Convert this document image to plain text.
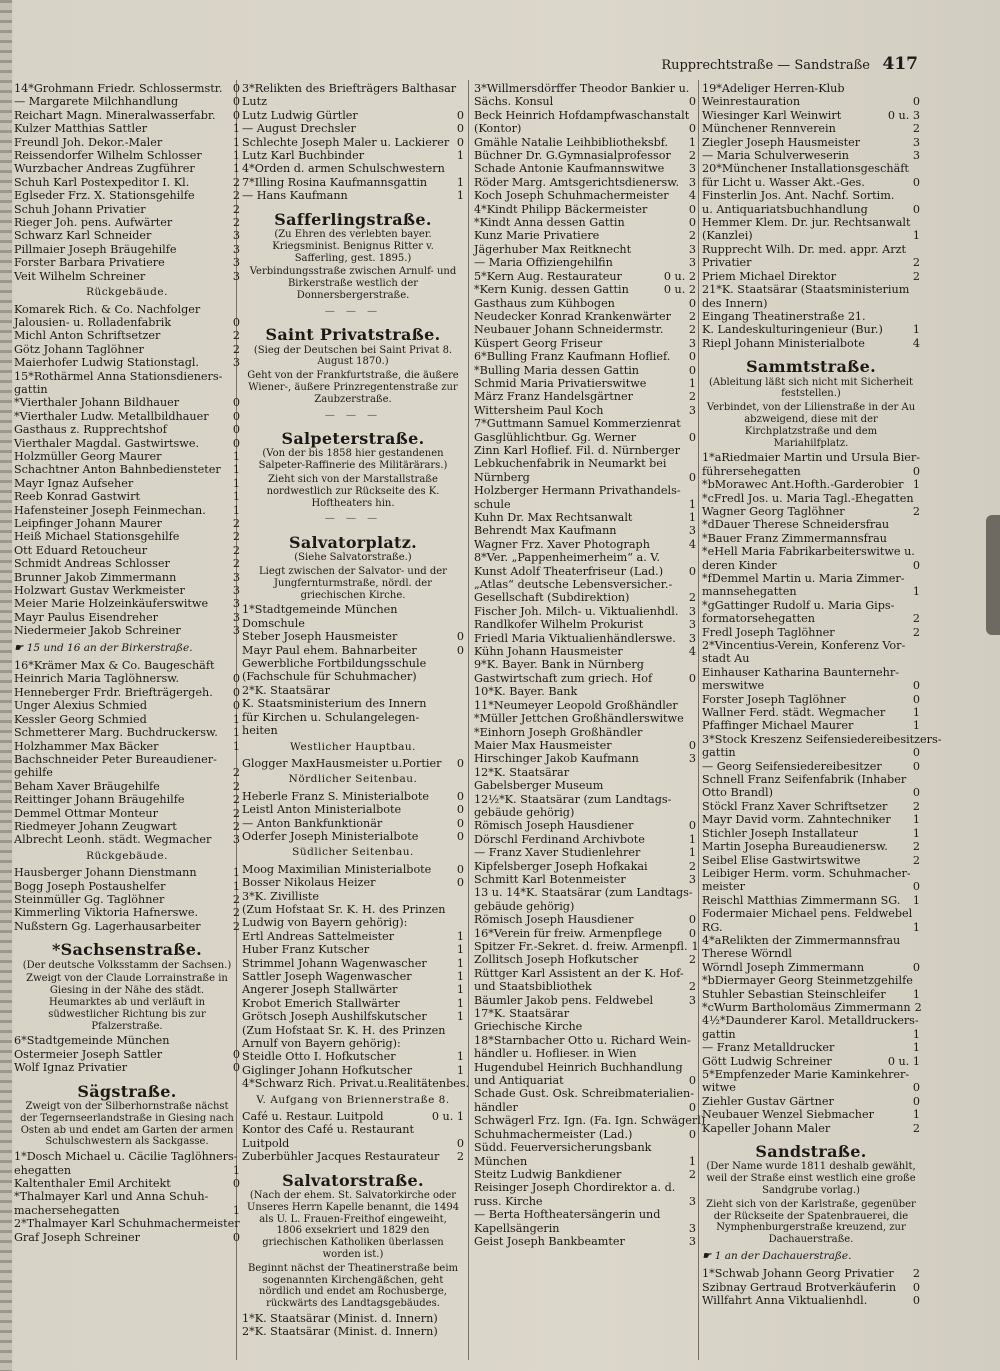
Rupprechtstraße — Sandstraße 417
14*Grohmann Friedr. Schlossermstr. 0
— Margarete Milchhandlung	0
Reichart Magn. Mineralwasserfabr.	0
Kulzer Matthias Sattler	1
Freundl Joh. Dekor.-Maler	1
Reissendorfer Wilhelm Schlosser	1
Wurzbacher Andreas Zugführer	1
Schuh Karl Postexpeditor I. Kl.	2
Eglseder Frz. X. Stationsgehilfe	2
Schuh Johann Privatier	2
Rieger Joh. pens. Aufwärter	2
Schwarz Karl Schneider	3
Pillmaier Joseph Bräugehilfe	3
Forster Barbara Privatiere	3
Veit Wilhelm Schreiner	3
Rückgebäude.
Komarek Rich. & Co. Nachfolger
Jalousien- u. Rolladenfabrik	0
Michl Anton Schriftsetzer	2
Götz Johann Taglöhner	2
Maierhofer Ludwig Stationstagl.	3
15*Rothärmel Anna Stationsdieners-
gattin
*Vierthaler Johann Bildhauer	0
*Vierthaler Ludw. Metallbildhauer	0
Gasthaus z. Rupprechtshof	0
Vierthaler Magdal. Gastwirtswe.	0
Holzmüller Georg Maurer	1
Schachtner Anton Bahnbediensteter	1
Mayr Ignaz Aufseher	1
Reeb Konrad Gastwirt	1
Hafensteiner Joseph Feinmechan.	1
Leipfinger Johann Maurer	2
Heiß Michael Stationsgehilfe	2
Ott Eduard Retoucheur	2
Schmidt Andreas Schlosser	2
Brunner Jakob Zimmermann	3
Holzwart Gustav Werkmeister	3
Meier Marie Holzeinkäuferswitwe	3
Mayr Paulus Eisendreher	3
Niedermeier Jakob Schreiner	3
☛ 15 und 16 an der Birkerstraße.
16*Krämer Max & Co. Baugeschäft
Heinrich Maria Taglöhnersw.	0
Henneberger Frdr. Briefträgergeh.	0
Unger Alexius Schmied	0
Kessler Georg Schmied	1
Schmetterer Marg. Buchdruckersw.	1
Holzhammer Max Bäcker	1
Bachschneider Peter Bureaudiener-
gehilfe	2
Beham Xaver Bräugehilfe	2
Reittinger Johann Bräugehilfe	2
Demmel Ottmar Monteur	2
Riedmeyer Johann Zeugwart	2
Albrecht Leonh. städt. Wegmacher	3
Rückgebäude.
Hausberger Johann Dienstmann	1
Bogg Joseph Postaushelfer	1
Steinmüller Gg. Taglöhner	2
Kimmerling Viktoria Hafnerswe.	2
Nußstern Gg. Lagerhausarbeiter	2
*Sachsenstraße.
(Der deutsche Volksstamm der Sachsen.)
Zweigt von der Claude Lorrainstraße in Giesing in der Nähe des städt. Heumarktes ab und verläuft in südwestlicher Richtung bis zur Pfalzerstraße.
6*Stadtgemeinde München
Ostermeier Joseph Sattler	0
Wolf Ignaz Privatier	0
Sägstraße.
Zweigt von der Silberhornstraße nächst der Tegernseerlandstraße in Giesing nach Osten ab und endet am Garten der armen Schulschwestern als Sackgasse.
1*Dosch Michael u. Cäcilie Taglöhners-
ehegatten	1
Kaltenthaler Emil Architekt	0
*Thalmayer Karl und Anna Schuh-
machersehegatten	1
2*Thalmayer Karl Schuhmachermeister
Graf Joseph Schreiner	0
3*Relikten des Briefträgers Balthasar
Lutz
Lutz Ludwig Gürtler	0
— August Drechsler	0
Schlechte Joseph Maler u. Lackierer 0
Lutz Karl Buchbinder	1
4*Orden d. armen Schulschwestern
7*Illing Rosina Kaufmannsgattin	1
— Hans Kaufmann	1
Safferlingstraße.
(Zu Ehren des verlebten bayer. Kriegsminist. Benignus Ritter v. Safferling, gest. 1895.)
Verbindungsstraße zwischen Arnulf- und Birkerstraße westlich der Donnersbergerstraße.
— — —
Saint Privatstraße.
(Sieg der Deutschen bei Saint Privat 8. August 1870.)
Geht von der Frankfurtstraße, die äußere Wiener-, äußere Prinzregentenstraße zur Zaubzerstraße.
— — —
Salpeterstraße.
(Von der bis 1858 hier gestandenen Salpeter-Raffinerie des Militärärars.)
Zieht sich von der Marstallstraße nordwestlich zur Rückseite des K. Hoftheaters hin.
— — —
Salvatorplatz.
(Siehe Salvatorstraße.)
Liegt zwischen der Salvator- und der Jungfernturmstraße, nördl. der griechischen Kirche.
1*Stadtgemeinde München
Domschule
Steber Joseph Hausmeister	0
Mayr Paul ehem. Bahnarbeiter	0
Gewerbliche Fortbildungsschule
(Fachschule für Schuhmacher)
2*K. Staatsärar
K. Staatsministerium des Innern
für Kirchen u. Schulangelegen-
heiten
Westlicher Hauptbau.
Glogger MaxHausmeister u.Portier	0
Nördlicher Seitenbau.
Heberle Franz S. Ministerialbote	0
Leistl Anton Ministerialbote	0
— Anton Bankfunktionär	0
Oderfer Joseph Ministerialbote	0
Südlicher Seitenbau.
Moog Maximilian Ministerialbote	0
Bosser Nikolaus Heizer	0
3*K. Zivilliste
(Zum Hofstaat Sr. K. H. des Prinzen
Ludwig von Bayern gehörig):
Ertl Andreas Sattelmeister	1
Huber Franz Kutscher	1
Strimmel Johann Wagenwascher	1
Sattler Joseph Wagenwascher	1
Angerer Joseph Stallwärter	1
Krobot Emerich Stallwärter	1
Grötsch Joseph Aushilfskutscher	1
(Zum Hofstaat Sr. K. H. des Prinzen
Arnulf von Bayern gehörig):
Steidle Otto I. Hofkutscher	1
Giglinger Johann Hofkutscher	1
4*Schwarz Rich. Privat.u.Realitätenbes.
V. Aufgang von Briennerstraße 8.
Café u. Restaur. Luitpold	0 u. 1
Kontor des Café u. Restaurant
Luitpold	0
Zuberbühler Jacques Restaurateur	2
Salvatorstraße.
(Nach der ehem. St. Salvatorkirche oder Unseres Herrn Kapelle benannt, die 1494 als U. L. Frauen-Freithof eingeweiht, 1806 exsekriert und 1829 den griechischen Katholiken überlassen worden ist.)
Beginnt nächst der Theatinerstraße beim sogenannten Kirchengäßchen, geht nördlich und endet am Rochusberge, rückwärts des Landtagsgebäudes.
1*K. Staatsärar (Minist. d. Innern)
2*K. Staatsärar (Minist. d. Innern)
3*Willmersdörffer Theodor Bankier u.
Sächs. Konsul	0
Beck Heinrich Hofdampfwaschanstalt
(Kontor)	0
Gmähle Natalie Leihbibliotheksbf.	1
Büchner Dr. G.Gymnasialprofessor	2
Schade Antonie Kaufmannswitwe	3
Röder Marg. Amtsgerichtsdienersw. 3
Koch Joseph Schuhmachermeister	4
4*Kindt Philipp Bäckermeister	0
*Kindt Anna dessen Gattin	0
Kunz Marie Privatiere	2
Jägerhuber Max Reitknecht	3
— Maria Offiziengehilfin	3
5*Kern Aug. Restaurateur	0 u. 2
*Kern Kunig. dessen Gattin	0 u. 2
Gasthaus zum Kühbogen	0
Neudecker Konrad Krankenwärter	2
Neubauer Johann Schneidermstr.	2
Küspert Georg Friseur	3
6*Bulling Franz Kaufmann Hoflief.	0
*Bulling Maria dessen Gattin	0
Schmid Maria Privatierswitwe	1
März Franz Handelsgärtner	2
Wittersheim Paul Koch	3
7*Guttmann Samuel Kommerzienrat
Gasglühlichtbur. Gg. Werner	0
Zinn Karl Hoflief. Fil. d. Nürnberger
Lebkuchenfabrik in Neumarkt bei
Nürnberg	0
Holzberger Hermann Privathandels-
schule	1
Kuhn Dr. Max Rechtsanwalt	1
Behrendt Max Kaufmann	3
Wagner Frz. Xaver Photograph	4
8*Ver. „Pappenheimerheim“ a. V.
Kunst Adolf Theaterfriseur (Lad.)	0
„Atlas“ deutsche Lebensversicher.-
Gesellschaft (Subdirektion)	2
Fischer Joh. Milch- u. Viktualienhdl. 3
Randlkofer Wilhelm Prokurist	3
Friedl Maria Viktualienhändlerswe.	3
Kühn Johann Hausmeister	4
9*K. Bayer. Bank in Nürnberg
Gastwirtschaft zum griech. Hof	0
10*K. Bayer. Bank
11*Neumeyer Leopold Großhändler
*Müller Jettchen Großhändlerswitwe
*Einhorn Joseph Großhändler
Maier Max Hausmeister	0
Hirschinger Jakob Kaufmann	3
12*K. Staatsärar
Gabelsberger Museum
12½*K. Staatsärar (zum Landtags-
gebäude gehörig)
Römisch Joseph Hausdiener	0
Dörschl Ferdinand Archivbote	1
— Franz Xaver Studienlehrer	1
Kipfelsberger Joseph Hofkakai	2
Schmitt Karl Botenmeister	3
13 u. 14*K. Staatsärar (zum Landtags-
gebäude gehörig)
Römisch Joseph Hausdiener	0
16*Verein für freiw. Armenpflege	0
Spitzer Fr.-Sekret. d. freiw. Armenpfl. 1
Zollitsch Joseph Hofkutscher	2
Rüttger Karl Assistent an der K. Hof-
und Staatsbibliothek	2
Bäumler Jakob pens. Feldwebel	3
17*K. Staatsärar
Griechische Kirche
18*Starnbacher Otto u. Richard Wein-
händler u. Hoflieser. in Wien
Hugendubel Heinrich Buchhandlung
und Antiquariat	0
Schade Gust. Osk. Schreibmaterialien-
händler	0
Schwägerl Frz. Ign. (Fa. Ign. Schwägerl)
Schuhmachermeister (Lad.)	0
Südd. Feuerversicherungsbank
München	1
Steitz Ludwig Bankdiener	2
Reisinger Joseph Chordirektor a. d.
russ. Kirche	3
— Berta Hoftheatersängerin und
Kapellsängerin	3
Geist Joseph Bankbeamter	3
19*Adeliger Herren-Klub
Weinrestauration	0
Wiesinger Karl Weinwirt	0 u. 3
Münchener Rennverein	2
Ziegler Joseph Hausmeister	3
— Maria Schulverweserin	3
20*Münchener Installationsgeschäft
für Licht u. Wasser Akt.-Ges.	0
Finsterlin Jos. Ant. Nachf. Sortim.
u. Antiquariatsbuchhandlung	0
Hemmer Klem. Dr. jur. Rechtsanwalt
(Kanzlei)	1
Rupprecht Wilh. Dr. med. appr. Arzt
Privatier	2
Priem Michael Direktor	2
21*K. Staatsärar (Staatsministerium
des Innern)
Eingang Theatinerstraße 21.
K. Landeskulturingenieur (Bur.)	1
Riepl Johann Ministerialbote	4
Sammtstraße.
(Ableitung läßt sich nicht mit Sicherheit feststellen.)
Verbindet, von der Lilienstraße in der Au abzweigend, diese mit der Kirchplatzstraße und dem Mariahilfplatz.
1*aRiedmaier Martin und Ursula Bier-
führersehegatten	0
*bMorawec Ant.Hofth.-Garderobier 1
*cFredl Jos. u. Maria Tagl.-Ehegatten
Wagner Georg Taglöhner	2
*dDauer Therese Schneidersfrau
*Bauer Franz Zimmermannsfrau
*eHell Maria Fabrikarbeiterswitwe u.
deren Kinder	0
*fDemmel Martin u. Maria Zimmer-
mannsehegatten	1
*gGattinger Rudolf u. Maria Gips-
formatorsehegatten	2
Fredl Joseph Taglöhner	2
2*Vincentius-Verein, Konferenz Vor-
stadt Au
Einhauser Katharina Baunternehr-
merswitwe	0
Forster Joseph Taglöhner	0
Wallner Ferd. städt. Wegmacher	1
Pfaffinger Michael Maurer	1
3*Stock Kreszenz Seifensiedereibesitzers-
gattin	0
— Georg Seifensiedereibesitzer	0
Schnell Franz Seifenfabrik (Inhaber
Otto Brandl)	0
Stöckl Franz Xaver Schriftsetzer	2
Mayr David vorm. Zahntechniker	1
Stichler Joseph Installateur	1
Martin Josepha Bureaudienersw.	2
Seibel Elise Gastwirtswitwe	2
Leibiger Herm. vorm. Schuhmacher-
meister	0
Reischl Matthias Zimmermann SG.	1
Fodermaier Michael pens. Feldwebel
RG.	1
4*aRelikten der Zimmermannsfrau
Therese Wörndl
Wörndl Joseph Zimmermann	0
*bDiermayer Georg Steinmetzgehilfe
Stuhler Sebastian Steinschleifer	1
*cWurm Bartholomäus Zimmermann 2
4½*Daunderer Karol. Metalldruckers-
gattin	1
— Franz Metalldrucker	1
Gött Ludwig Schreiner	0 u. 1
5*Empfenzeder Marie Kaminkehrer-
witwe	0
Ziehler Gustav Gärtner	0
Neubauer Wenzel Siebmacher	1
Kapeller Johann Maler	2
Sandstraße.
(Der Name wurde 1811 deshalb gewählt, weil der Straße einst westlich eine große Sandgrube vorlag.)
Zieht sich von der Karlstraße, gegenüber der Rückseite der Spatenbrauerei, die Nymphenburgerstraße kreuzend, zur Dachauerstraße.
☛ 1 an der Dachauerstraße.
1*Schwab Johann Georg Privatier	2
Szibnay Gertraud Brotverkäuferin	0
Willfahrt Anna Viktualienhdl.	0
